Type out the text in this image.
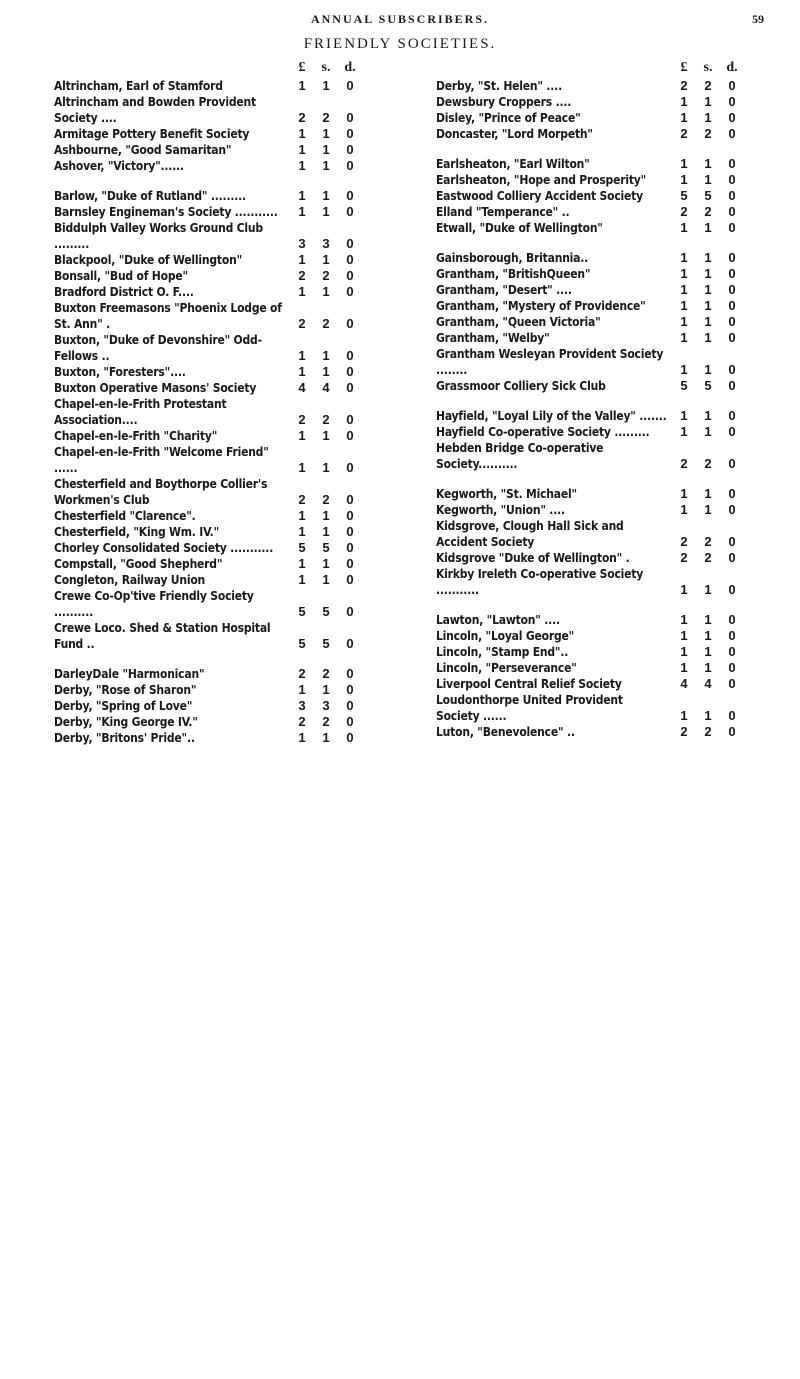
ANNUAL SUBSCRIBERS.	59
FRIENDLY SOCIETIES.
£	s. d.
Altrincham, Earl of Stamford	1	1	0
Altrincham and Bowden Provident Society ....	2	2	0
Armitage Pottery Benefit Society	1	1	0
Ashbourne, "Good Samaritan"	1	1	0
Ashover, "Victory"......	1	1	0
Barlow, "Duke of Rutland" .........	1	1	0
Barnsley Engineman's Society ...........	1	1	0
Biddulph Valley Works Ground Club .........	3	3	0
Blackpool, "Duke of Wellington"	1	1	0
Bonsall, "Bud of Hope"	2	2	0
Bradford District O. F....	1	1	0
Buxton Freemasons "Phoenix Lodge of St. Ann" .	2	2	0
Buxton, "Duke of Devonshire" Odd-Fellows ..	1	1	0
Buxton, "Foresters"....	1	1	0
Buxton Operative Masons' Society	4	4	0
Chapel-en-le-Frith Protestant Association....	2	2	0
Chapel-en-le-Frith "Charity"	1	1	0
Chapel-en-le-Frith "Welcome Friend" ......	1	1	0
Chesterfield and Boythorpe Collier's Workmen's Club	2	2	0
Chesterfield "Clarence".	1	1	0
Chesterfield, "King Wm. IV."	1	1	0
Chorley Consolidated Society ...........	5	5	0
Compstall, "Good Shepherd"	1	1	0
Congleton, Railway Union	1	1	0
Crewe Co-Op'tive Friendly Society ..........	5	5	0
Crewe Loco. Shed & Station Hospital Fund ..	5	5	0
DarleyDale "Harmonican"	2	2	0
Derby, "Rose of Sharon"	1	1	0
Derby, "Spring of Love"	3	3	0
Derby, "King George IV."	2	2	0
Derby, "Britons' Pride"..	1	1	0
£	s. d.
Derby, "St. Helen" ....	2	2	0
Dewsbury Croppers ....	1	1	0
Disley, "Prince of Peace"	1	1	0
Doncaster, "Lord Morpeth"	2	2	0
Earlsheaton, "Earl Wilton"	1	1	0
Earlsheaton, "Hope and Prosperity"	1	1	0
Eastwood Colliery Accident Society	5	5	0
Elland "Temperance" ..	2	2	0
Etwall, "Duke of Wellington"	1	1	0
Gainsborough, Britannia..	1	1	0
Grantham, "BritishQueen"	1	1	0
Grantham, "Desert" ....	1	1	0
Grantham, "Mystery of Providence"	1	1	0
Grantham, "Queen Victoria"	1	1	0
Grantham, "Welby"	1	1	0
Grantham Wesleyan Provident Society ........	1	1	0
Grassmoor Colliery Sick Club	5	5	0
Hayfield, "Loyal Lily of the Valley" .......	1	1	0
Hayfield Co-operative Society .........	1	1	0
Hebden Bridge Co-operative Society..........	2	2	0
Kegworth, "St. Michael"	1	1	0
Kegworth, "Union" ....	1	1	0
Kidsgrove, Clough Hall Sick and Accident Society	2	2	0
Kidsgrove "Duke of Wellington" .	2	2	0
Kirkby Ireleth Co-operative Society ...........	1	1	0
Lawton, "Lawton" ....	1	1	0
Lincoln, "Loyal George"	1	1	0
Lincoln, "Stamp End"..	1	1	0
Lincoln, "Perseverance"	1	1	0
Liverpool Central Relief Society	4	4	0
Loudonthorpe United Provident Society ......	1	1	0
Luton, "Benevolence" ..	2	2	0
